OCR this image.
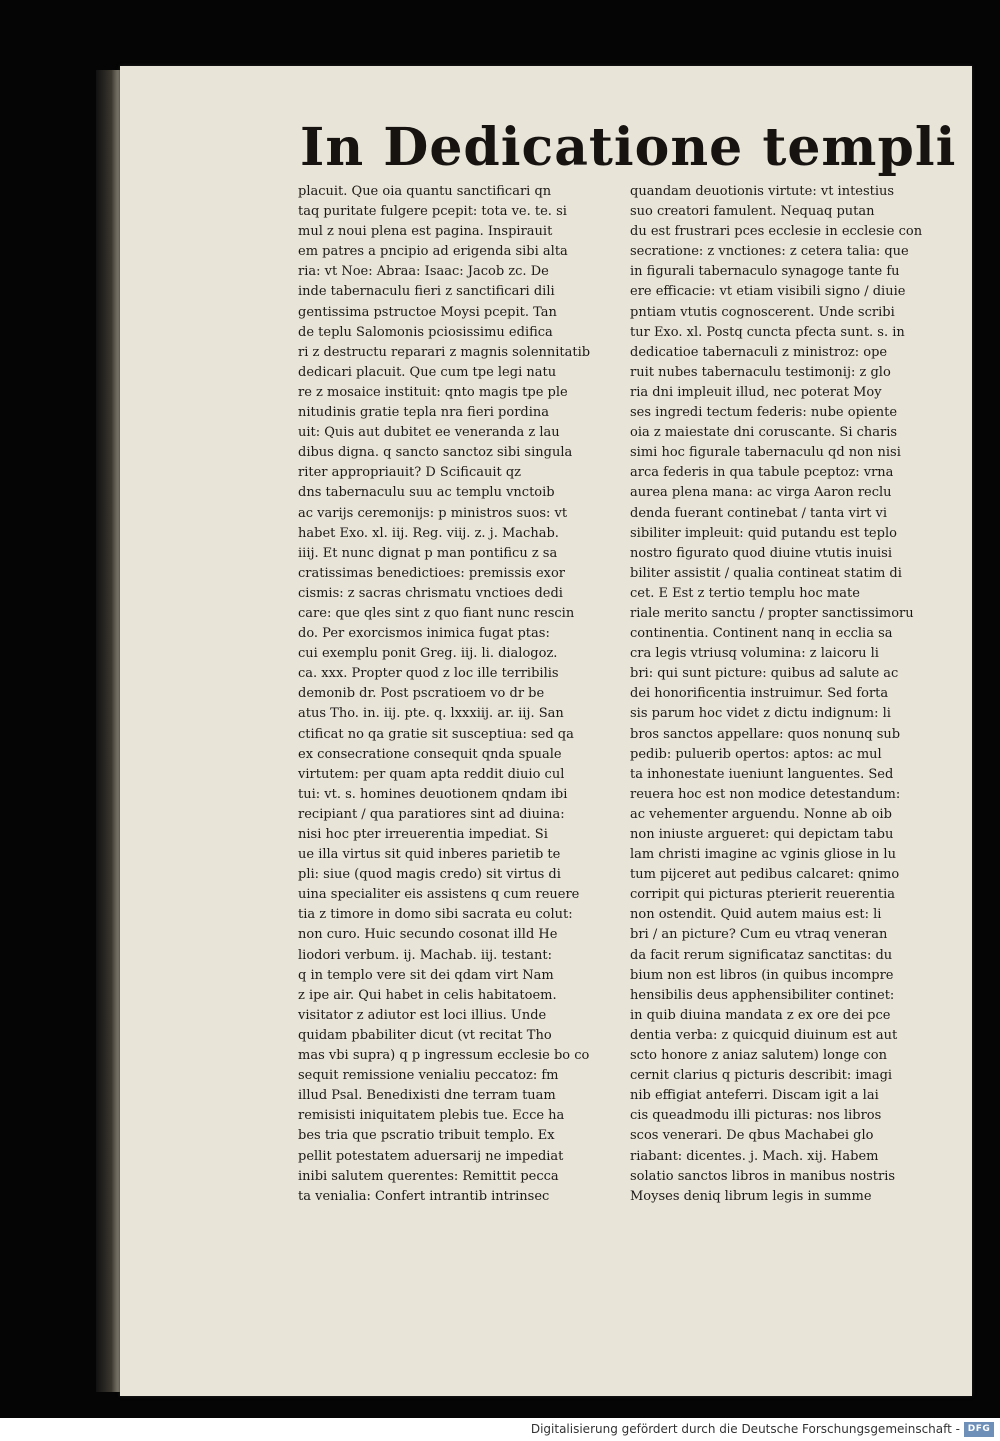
In Dedicatione templi
placuit. Que oia quantu sanctificari qn
taq puritate fulgere pcepit: tota ve. te. si
mul z noui plena est pagina. Inspirauit
em patres a pncipio ad erigenda sibi alta
ria: vt Noe: Abraa: Isaac: Jacob zc. De
inde tabernaculu fieri z sanctificari dili
gentissima pstructoe Moysi pcepit. Tan
de teplu Salomonis pciosissimu edifica
ri z destructu reparari z magnis solennitatib
dedicari placuit. Que cum tpe legi natu
re z mosaice instituit: qnto magis tpe ple
nitudinis gratie tepla nra fieri pordina
uit: Quis aut dubitet ee veneranda z lau
dibus digna. q sancto sanctoz sibi singula
riter appropriauit? D Scificauit qz
dns tabernaculu suu ac templu vnctoib
ac varijs ceremonijs: p ministros suos: vt
habet Exo. xl. iij. Reg. viij. z. j. Machab.
iiij. Et nunc dignat p man pontificu z sa
cratissimas benedictioes: premissis exor
cismis: z sacras chrismatu vnctioes dedi
care: que qles sint z quo fiant nunc rescin
do. Per exorcismos inimica fugat ptas:
cui exemplu ponit Greg. iij. li. dialogoz.
ca. xxx. Propter quod z loc ille terribilis
demonib dr. Post pscratioem vo dr be
atus Tho. in. iij. pte. q. lxxxiij. ar. iij. San
ctificat no qa gratie sit susceptiua: sed qa
ex consecratione consequit qnda spuale
virtutem: per quam apta reddit diuio cul
tui: vt. s. homines deuotionem qndam ibi
recipiant / qua paratiores sint ad diuina:
nisi hoc pter irreuerentia impediat. Si
ue illa virtus sit quid inberes parietib te
pli: siue (quod magis credo) sit virtus di
uina specialiter eis assistens q cum reuere
tia z timore in domo sibi sacrata eu colut:
non curo. Huic secundo cosonat illd He
liodori verbum. ij. Machab. iij. testant:
q in templo vere sit dei qdam virt Nam
z ipe air. Qui habet in celis habitatoem.
visitator z adiutor est loci illius. Unde
quidam pbabiliter dicut (vt recitat Tho
mas vbi supra) q p ingressum ecclesie bo co
sequit remissione venialiu peccatoz: fm
illud Psal. Benedixisti dne terram tuam
remisisti iniquitatem plebis tue. Ecce ha
bes tria que pscratio tribuit templo. Ex
pellit potestatem aduersarij ne impediat
inibi salutem querentes: Remittit pecca
ta venialia: Confert intrantib intrinsec
quandam deuotionis virtute: vt intestius
suo creatori famulent. Nequaq putan
du est frustrari pces ecclesie in ecclesie con
secratione: z vnctiones: z cetera talia: que
in figurali tabernaculo synagoge tante fu
ere efficacie: vt etiam visibili signo / diuie
pntiam vtutis cognoscerent. Unde scribi
tur Exo. xl. Postq cuncta pfecta sunt. s. in
dedicatioe tabernaculi z ministroz: ope
ruit nubes tabernaculu testimonij: z glo
ria dni impleuit illud, nec poterat Moy
ses ingredi tectum federis: nube opiente
oia z maiestate dni coruscante. Si charis
simi hoc figurale tabernaculu qd non nisi
arca federis in qua tabule pceptoz: vrna
aurea plena mana: ac virga Aaron reclu
denda fuerant continebat / tanta virt vi
sibiliter impleuit: quid putandu est teplo
nostro figurato quod diuine vtutis inuisi
biliter assistit / qualia contineat statim di
cet. E Est z tertio templu hoc mate
riale merito sanctu / propter sanctissimoru
continentia. Continent nanq in ecclia sa
cra legis vtriusq volumina: z laicoru li
bri: qui sunt picture: quibus ad salute ac
dei honorificentia instruimur. Sed forta
sis parum hoc videt z dictu indignum: li
bros sanctos appellare: quos nonunq sub
pedib: puluerib opertos: aptos: ac mul
ta inhonestate iueniunt languentes. Sed
reuera hoc est non modice detestandum:
ac vehementer arguendu. Nonne ab oib
non iniuste argueret: qui depictam tabu
lam christi imagine ac vginis gliose in lu
tum pijceret aut pedibus calcaret: qnimo
corripit qui picturas pterierit reuerentia
non ostendit. Quid autem maius est: li
bri / an picture? Cum eu vtraq veneran
da facit rerum significataz sanctitas: du
bium non est libros (in quibus incompre
hensibilis deus apphensibiliter continet:
in quib diuina mandata z ex ore dei pce
dentia verba: z quicquid diuinum est aut
scto honore z aniaz salutem) longe con
cernit clarius q picturis describit: imagi
nib effigiat anteferri. Discam igit a lai
cis queadmodu illi picturas: nos libros
scos venerari. De qbus Machabei glo
riabant: dicentes. j. Mach. xij. Habem
solatio sanctos libros in manibus nostris
Moyses deniq librum legis in summe
Digitalisierung gefördert durch die Deutsche Forschungsgemeinschaft - DFG
